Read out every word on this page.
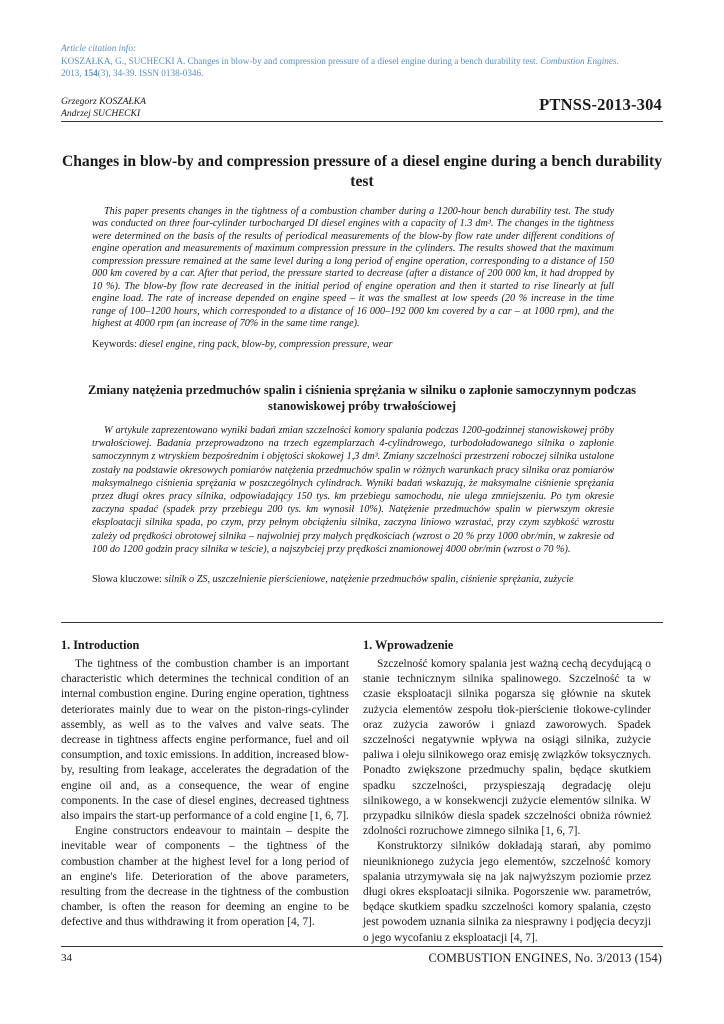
Article citation info:
KOSZAŁKA, G., SUCHECKI A. Changes in blow-by and compression pressure of a diesel engine during a bench durability test. Combustion Engines.
2013, 154(3), 34-39. ISSN 0138-0346.
Grzegorz KOSZAŁKA
Andrzej SUCHECKI	PTNSS-2013-304
Changes in blow-by and compression pressure of a diesel engine during a bench durability test

This paper presents changes in the tightness of a combustion chamber during a 1200-hour bench durability test. The study was conducted on three four-cylinder turbocharged DI diesel engines with a capacity of 1.3 dm³. The changes in the tightness were determined on the basis of the results of periodical measurements of the blow-by flow rate under different conditions of engine operation and measurements of maximum compression pressure in the cylinders. The results showed that the maximum compression pressure remained at the same level during a long period of engine operation, corresponding to a distance of 150 000 km covered by a car. After that period, the pressure started to decrease (after a distance of 200 000 km, it had dropped by 10 %). The blow-by flow rate decreased in the initial period of engine operation and then it started to rise linearly at full engine load. The rate of increase depended on engine speed – it was the smallest at low speeds (20 % increase in the time range of 100–1200 hours, which corresponded to a distance of 16 000–192 000 km covered by a car – at 1000 rpm), and the highest at 4000 rpm (an increase of 70% in the same time range).

Keywords: diesel engine, ring pack, blow-by, compression pressure, wear
Zmiany natężenia przedmuchów spalin i ciśnienia sprężania w silniku o zapłonie samoczynnym podczas stanowiskowej próby trwałościowej

W artykule zaprezentowano wyniki badań zmian szczelności komory spalania podczas 1200-godzinnej stanowiskowej próby trwałościowej. Badania przeprowadzono na trzech egzemplarzach 4-cylindrowego, turbodoładowanego silnika o zapłonie samoczynnym z wtryskiem bezpośrednim i objętości skokowej 1,3 dm³. Zmiany szczelności przestrzeni roboczej silnika ustalone zostały na podstawie okresowych pomiarów natężenia przedmuchów spalin w różnych warunkach pracy silnika oraz pomiarów maksymalnego ciśnienia sprężania w poszczególnych cylindrach. Wyniki badań wskazują, że maksymalne ciśnienie sprężania przez długi okres pracy silnika, odpowiadający 150 tys. km przebiegu samochodu, nie ulega zmniejszeniu. Po tym okresie zaczyna spadać (spadek przy przebiegu 200 tys. km wynosił 10%). Natężenie przedmuchów spalin w pierwszym okresie eksploatacji silnika spada, po czym, przy pełnym obciążeniu silnika, zaczyna liniowo wzrastać, przy czym szybkość wzrostu zależy od prędkości obrotowej silnika – najwolniej przy małych prędkościach (wzrost o 20 % przy 1000 obr/min, w zakresie od 100 do 1200 godzin pracy silnika w teście), a najszybciej przy prędkości znamionowej 4000 obr/min (wzrost o 70 %).

Słowa kluczowe: silnik o ZS, uszczelnienie pierścieniowe, natężenie przedmuchów spalin, ciśnienie sprężania, zużycie
1. Introduction

The tightness of the combustion chamber is an important characteristic which determines the technical condition of an internal combustion engine. During engine operation, tightness deteriorates mainly due to wear on the piston-rings-cylinder assembly, as well as to the valves and valve seats. The decrease in tightness affects engine performance, fuel and oil consumption, and toxic emissions. In addition, increased blow-by, resulting from leakage, accelerates the degradation of the engine oil and, as a consequence, the wear of engine components. In the case of diesel engines, decreased tightness also impairs the start-up performance of a cold engine [1, 6, 7].

Engine constructors endeavour to maintain – despite the inevitable wear of components – the tightness of the combustion chamber at the highest level for a long period of an engine's life. Deterioration of the above parameters, resulting from the decrease in the tightness of the combustion chamber, is often the reason for deeming an engine to be defective and thus withdrawing it from operation [4, 7].

1. Wprowadzenie

Szczelność komory spalania jest ważną cechą decydującą o stanie technicznym silnika spalinowego. Szczelność ta w czasie eksploatacji silnika pogarsza się głównie na skutek zużycia elementów zespołu tłok-pierścienie tłokowe-cylinder oraz zużycia zaworów i gniazd zaworowych. Spadek szczelności negatywnie wpływa na osiągi silnika, zużycie paliwa i oleju silnikowego oraz emisję związków toksycznych. Ponadto zwiększone przedmuchy spalin, będące skutkiem spadku szczelności, przyspieszają degradację oleju silnikowego, a w konsekwencji zużycie elementów silnika. W przypadku silników diesla spadek szczelności obniża również zdolności rozruchowe zimnego silnika [1, 6, 7].

Konstruktorzy silników dokładają starań, aby pomimo nieuniknionego zużycia jego elementów, szczelność komory spalania utrzymywała się na jak najwyższym poziomie przez długi okres eksploatacji silnika. Pogorszenie ww. parametrów, będące skutkiem spadku szczelności komory spalania, często jest powodem uznania silnika za niesprawny i podjęcia decyzji o jego wycofaniu z eksploatacji [4, 7].

34	COMBUSTION ENGINES, No. 3/2013 (154)
